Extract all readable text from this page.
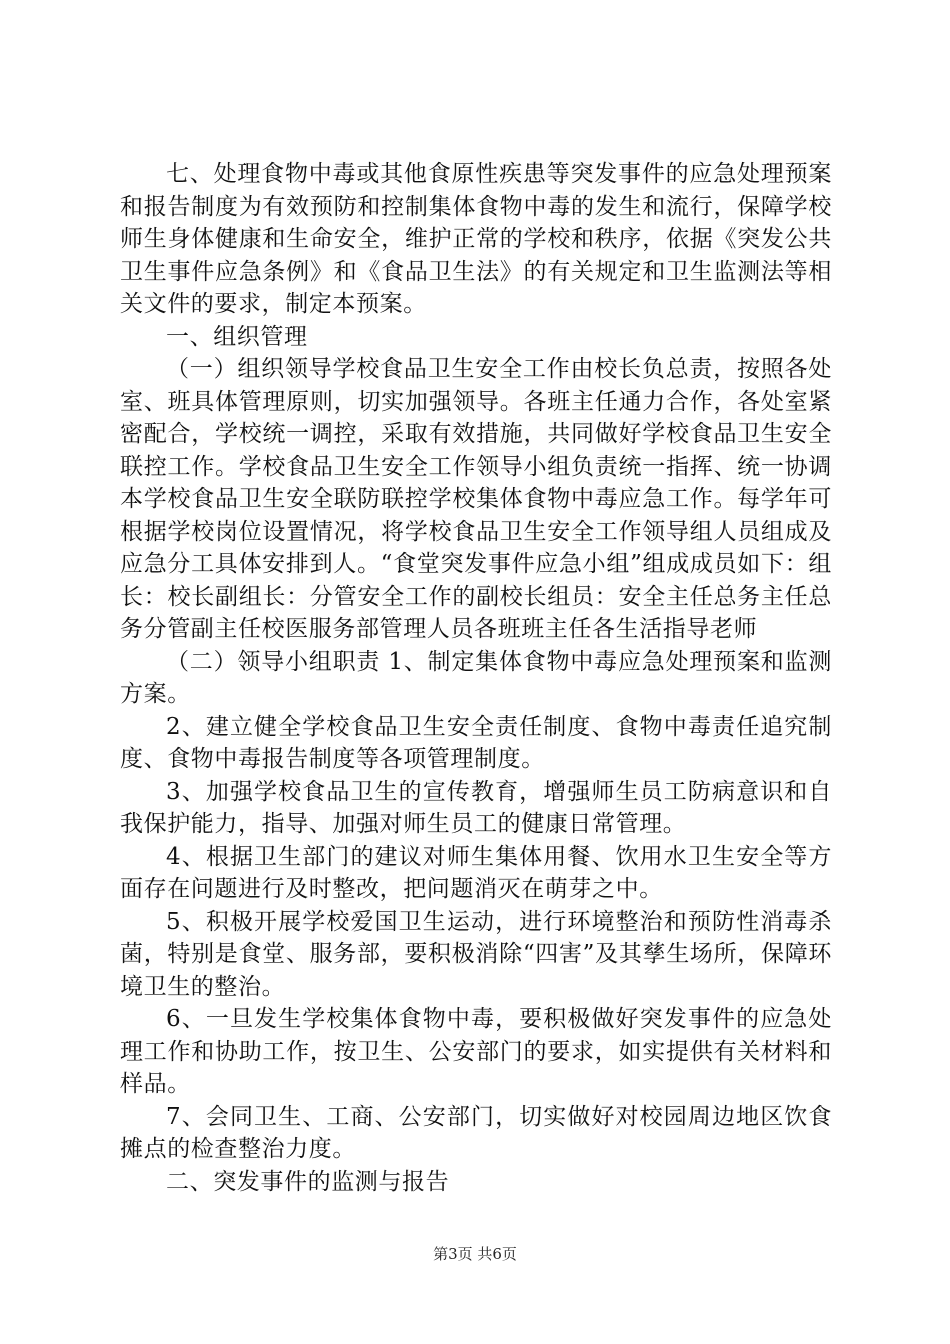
七、处理食物中毒或其他食原性疾患等突发事件的应急处理预案和报告制度为有效预防和控制集体食物中毒的发生和流行，保障学校师生身体健康和生命安全，维护正常的学校和秩序，依据《突发公共卫生事件应急条例》和《食品卫生法》的有关规定和卫生监测法等相关文件的要求，制定本预案。

一、组织管理

（一）组织领导学校食品卫生安全工作由校长负总责，按照各处室、班具体管理原则，切实加强领导。各班主任通力合作，各处室紧密配合，学校统一调控，采取有效措施，共同做好学校食品卫生安全联控工作。学校食品卫生安全工作领导小组负责统一指挥、统一协调本学校食品卫生安全联防联控学校集体食物中毒应急工作。每学年可根据学校岗位设置情况，将学校食品卫生安全工作领导组人员组成及应急分工具体安排到人。“食堂突发事件应急小组”组成成员如下：组长：校长副组长：分管安全工作的副校长组员：安全主任总务主任总务分管副主任校医服务部管理人员各班班主任各生活指导老师

（二）领导小组职责 1、制定集体食物中毒应急处理预案和监测方案。

2、建立健全学校食品卫生安全责任制度、食物中毒责任追究制度、食物中毒报告制度等各项管理制度。

3、加强学校食品卫生的宣传教育，增强师生员工防病意识和自我保护能力，指导、加强对师生员工的健康日常管理。

4、根据卫生部门的建议对师生集体用餐、饮用水卫生安全等方面存在问题进行及时整改，把问题消灭在萌芽之中。

5、积极开展学校爱国卫生运动，进行环境整治和预防性消毒杀菌，特别是食堂、服务部，要积极消除“四害”及其孳生场所，保障环境卫生的整治。

6、一旦发生学校集体食物中毒，要积极做好突发事件的应急处理工作和协助工作，按卫生、公安部门的要求，如实提供有关材料和样品。

7、会同卫生、工商、公安部门，切实做好对校园周边地区饮食摊点的检查整治力度。

二、突发事件的监测与报告

第3页 共6页
